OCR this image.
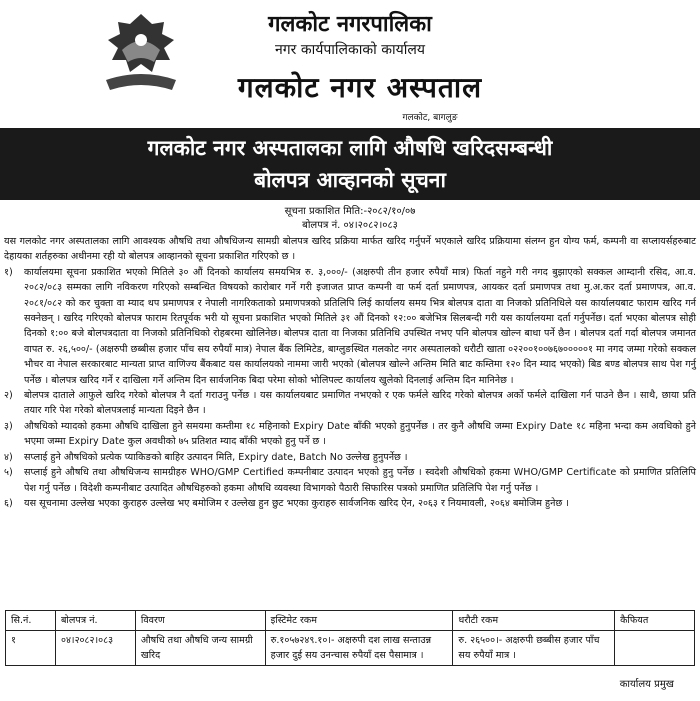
गलकोट नगरपालिका
नगर कार्यपालिकाको कार्यालय
गलकोट नगर अस्पताल
गलकोट, बागलुङ
गलकोट नगर अस्पतालका लागि औषधि खरिदसम्बन्धी
बोलपत्र आव्हानको सूचना
सूचना प्रकाशित मिति:-२०८२/१०/०७
बोलपत्र नं. ०४।२०८२।०८३

यस गलकोट नगर अस्पतालका लागि आवश्यक औषधि तथा औषधिजन्य सामग्री बोलपत्र खरिद प्रक्रिया मार्फत खरिद गर्नुपर्ने भएकाले खरिद प्रक्रियामा संलग्न हुन योग्य फर्म, कम्पनी वा सप्लायर्सहरुबाट देहायका शर्तहरुका अधीनमा रही यो बोलपत्र आव्हानको सूचना प्रकाशित गरिएको छ ।

१)	कार्यालयमा सूचना प्रकाशित भएको मितिले ३० औं दिनको कार्यालय समयभित्र रु. ३,०००/- (अक्षरुपी तीन हजार रुपैयाँ मात्र) फिर्ता नहुने गरी नगद बुझाएको सक्कल आम्दानी रसिद, आ.व. २०८२/०८३ सम्मका लागि नविकरण गरिएको सम्बन्धित विषयको कारोबार गर्ने गरी इजाजत प्राप्त कम्पनी वा फर्म दर्ता प्रमाणपत्र, आयकर दर्ता प्रमाणपत्र तथा मु.अ.कर दर्ता प्रमाणपत्र, आ.व. २०८१/०८२ को कर चुक्ता वा म्याद थप प्रमाणपत्र र नेपाली नागरिकताको प्रमाणपत्रको प्रतिलिपि लिई कार्यालय समय भित्र बोलपत्र दाता वा निजको प्रतिनिधिले यस कार्यालयबाट फाराम खरिद गर्न सक्नेछन् । खरिद गरिएको बोलपत्र फाराम रितपूर्वक भरी यो सूचना प्रकाशित भएको मितिले ३१ औं दिनको १२:०० बजेभित्र सिलबन्दी गरी यस कार्यालयमा दर्ता गर्नुपर्नेछ। दर्ता भएका बोलपत्र सोही दिनको १:०० बजे बोलपत्रदाता वा निजको प्रतिनिधिको रोहबरमा खोलिनेछ। बोलपत्र दाता वा निजका प्रतिनिधि उपस्थित नभए पनि बोलपत्र खोल्न बाधा पर्ने छैन । बोलपत्र दर्ता गर्दा बोलपत्र जमानत वापत रु. २६,५००/- (अक्षरुपी छब्बीस हजार पाँच सय रुपैयाँ मात्र) नेपाल बैंक लिमिटेड, बाग्लुङस्थित गलकोट नगर अस्पतालको धरौटी खाता ०२२००१००७६७०००००१ मा नगद जम्मा गरेको सक्कल भौचर वा नेपाल सरकारबाट मान्यता प्राप्त वाणिज्य बैंकबाट यस कार्यालयको नाममा जारी भएको (बोलपत्र खोल्ने अन्तिम मिति बाट कम्तिमा १२० दिन म्याद भएको) बिड बण्ड बोलपत्र साथ पेश गर्नु पर्नेछ । बोलपत्र खरिद गर्ने र दाखिला गर्ने अन्तिम दिन सार्वजनिक बिदा परेमा सोको भोलिपल्ट कार्यालय खुलेको दिनलाई अन्तिम दिन मानिनेछ ।
२)	बोलपत्र दाताले आफुले खरिद गरेको बोलपत्र नै दर्ता गराउनु पर्नेछ । यस कार्यालयबाट प्रमाणित नभएको र एक फर्मले खरिद गरेको बोलपत्र अर्को फर्मले दाखिला गर्न पाउने छैन । साथै, छाया प्रति तयार गरि पेश गरेको बोलपत्रलाई मान्यता दिइने छैन ।
३)	औषधिको म्यादको हकमा औषधि दाखिला हुने समयमा कम्तीमा १८ महिनाको Expiry Date बाँकी भएको हुनुपर्नेछ । तर कुनै औषधि जम्मा Expiry Date १८ महिना भन्दा कम अवधिको हुने भएमा जम्मा Expiry Date कुल अवधीको ७५ प्रतिशत म्याद बाँकी भएको हुनु पर्ने छ ।
४)	सप्लाई हुने औषधिको प्रत्येक प्याकिङको बाहिर उत्पादन मिति, Expiry date, Batch No उल्लेख हुनुपर्नेछ ।
५)	सप्लाई हुने औषधि तथा औषधिजन्य सामग्रीहरु WHO/GMP Certified कम्पनीबाट उत्पादन भएको हुनु पर्नेछ । स्वदेशी औषधिको हकमा WHO/GMP Certificate को प्रमाणित प्रतिलिपि पेश गर्नु पर्नेछ । विदेशी कम्पनीबाट उत्पादित औषधिहरुको हकमा औषधि व्यवस्था विभागको पैठारी सिफारिस पत्रको प्रमाणित प्रतिलिपि पेश गर्नु पर्नेछ ।
६)	यस सूचनामा उल्लेख भएका कुराहरु उल्लेख भए बमोजिम र उल्लेख हुन छुट भएका कुराहरु सार्वजनिक खरिद ऐन, २०६३ र नियमावली, २०६४ बमोजिम हुनेछ ।
सि.नं.	बोलपत्र नं.	विवरण	इस्टिमेट रकम	धरौटी रकम	कैफियत
१	०४।२०८२।०८३	औषधि तथा औषधि जन्य सामग्री खरिद	रु.१०५७२४९.१०।- अक्षरुपी दश लाख सन्ताउन्न हजार दुई सय उनन्चास रुपैयाँ दस पैसामात्र ।	रु. २६५००।- अक्षरुपी छब्बीस हजार पाँच सय रुपैयाँ मात्र ।	
कार्यालय प्रमुख
